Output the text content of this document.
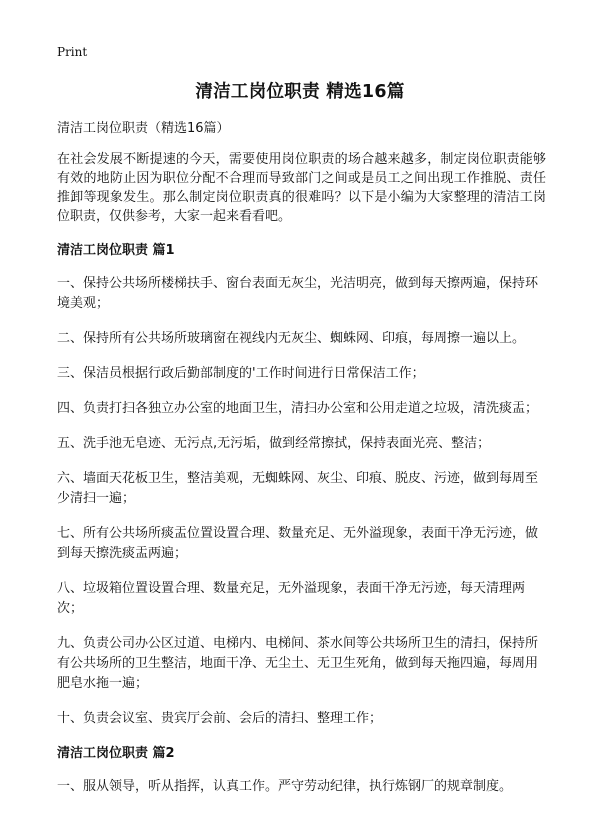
Print
清洁工岗位职责 精选16篇

清洁工岗位职责（精选16篇）

在社会发展不断提速的今天，需要使用岗位职责的场合越来越多，制定岗位职责能够有效的地防止因为职位分配不合理而导致部门之间或是员工之间出现工作推脱、责任推卸等现象发生。那么制定岗位职责真的很难吗？以下是小编为大家整理的清洁工岗位职责，仅供参考，大家一起来看看吧。

清洁工岗位职责 篇1

一、保持公共场所楼梯扶手、窗台表面无灰尘，光洁明亮，做到每天擦两遍，保持环境美观；

二、保持所有公共场所玻璃窗在视线内无灰尘、蜘蛛网、印痕，每周擦一遍以上。

三、保洁员根据行政后勤部制度的'工作时间进行日常保洁工作；

四、负责打扫各独立办公室的地面卫生，清扫办公室和公用走道之垃圾，清洗痰盂；

五、洗手池无皂迹、无污点,无污垢，做到经常擦拭，保持表面光亮、整洁；

六、墙面天花板卫生，整洁美观，无蜘蛛网、灰尘、印痕、脱皮、污迹，做到每周至少清扫一遍；

七、所有公共场所痰盂位置设置合理、数量充足、无外溢现象，表面干净无污迹，做到每天擦洗痰盂两遍；

八、垃圾箱位置设置合理、数量充足，无外溢现象，表面干净无污迹，每天清理两次；

九、负责公司办公区过道、电梯内、电梯间、茶水间等公共场所卫生的清扫，保持所有公共场所的卫生整洁，地面干净、无尘土、无卫生死角，做到每天拖四遍，每周用肥皂水拖一遍；

十、负责会议室、贵宾厅会前、会后的清扫、整理工作；

清洁工岗位职责 篇2

一、服从领导，听从指挥，认真工作。严守劳动纪律，执行炼钢厂的规章制度。
